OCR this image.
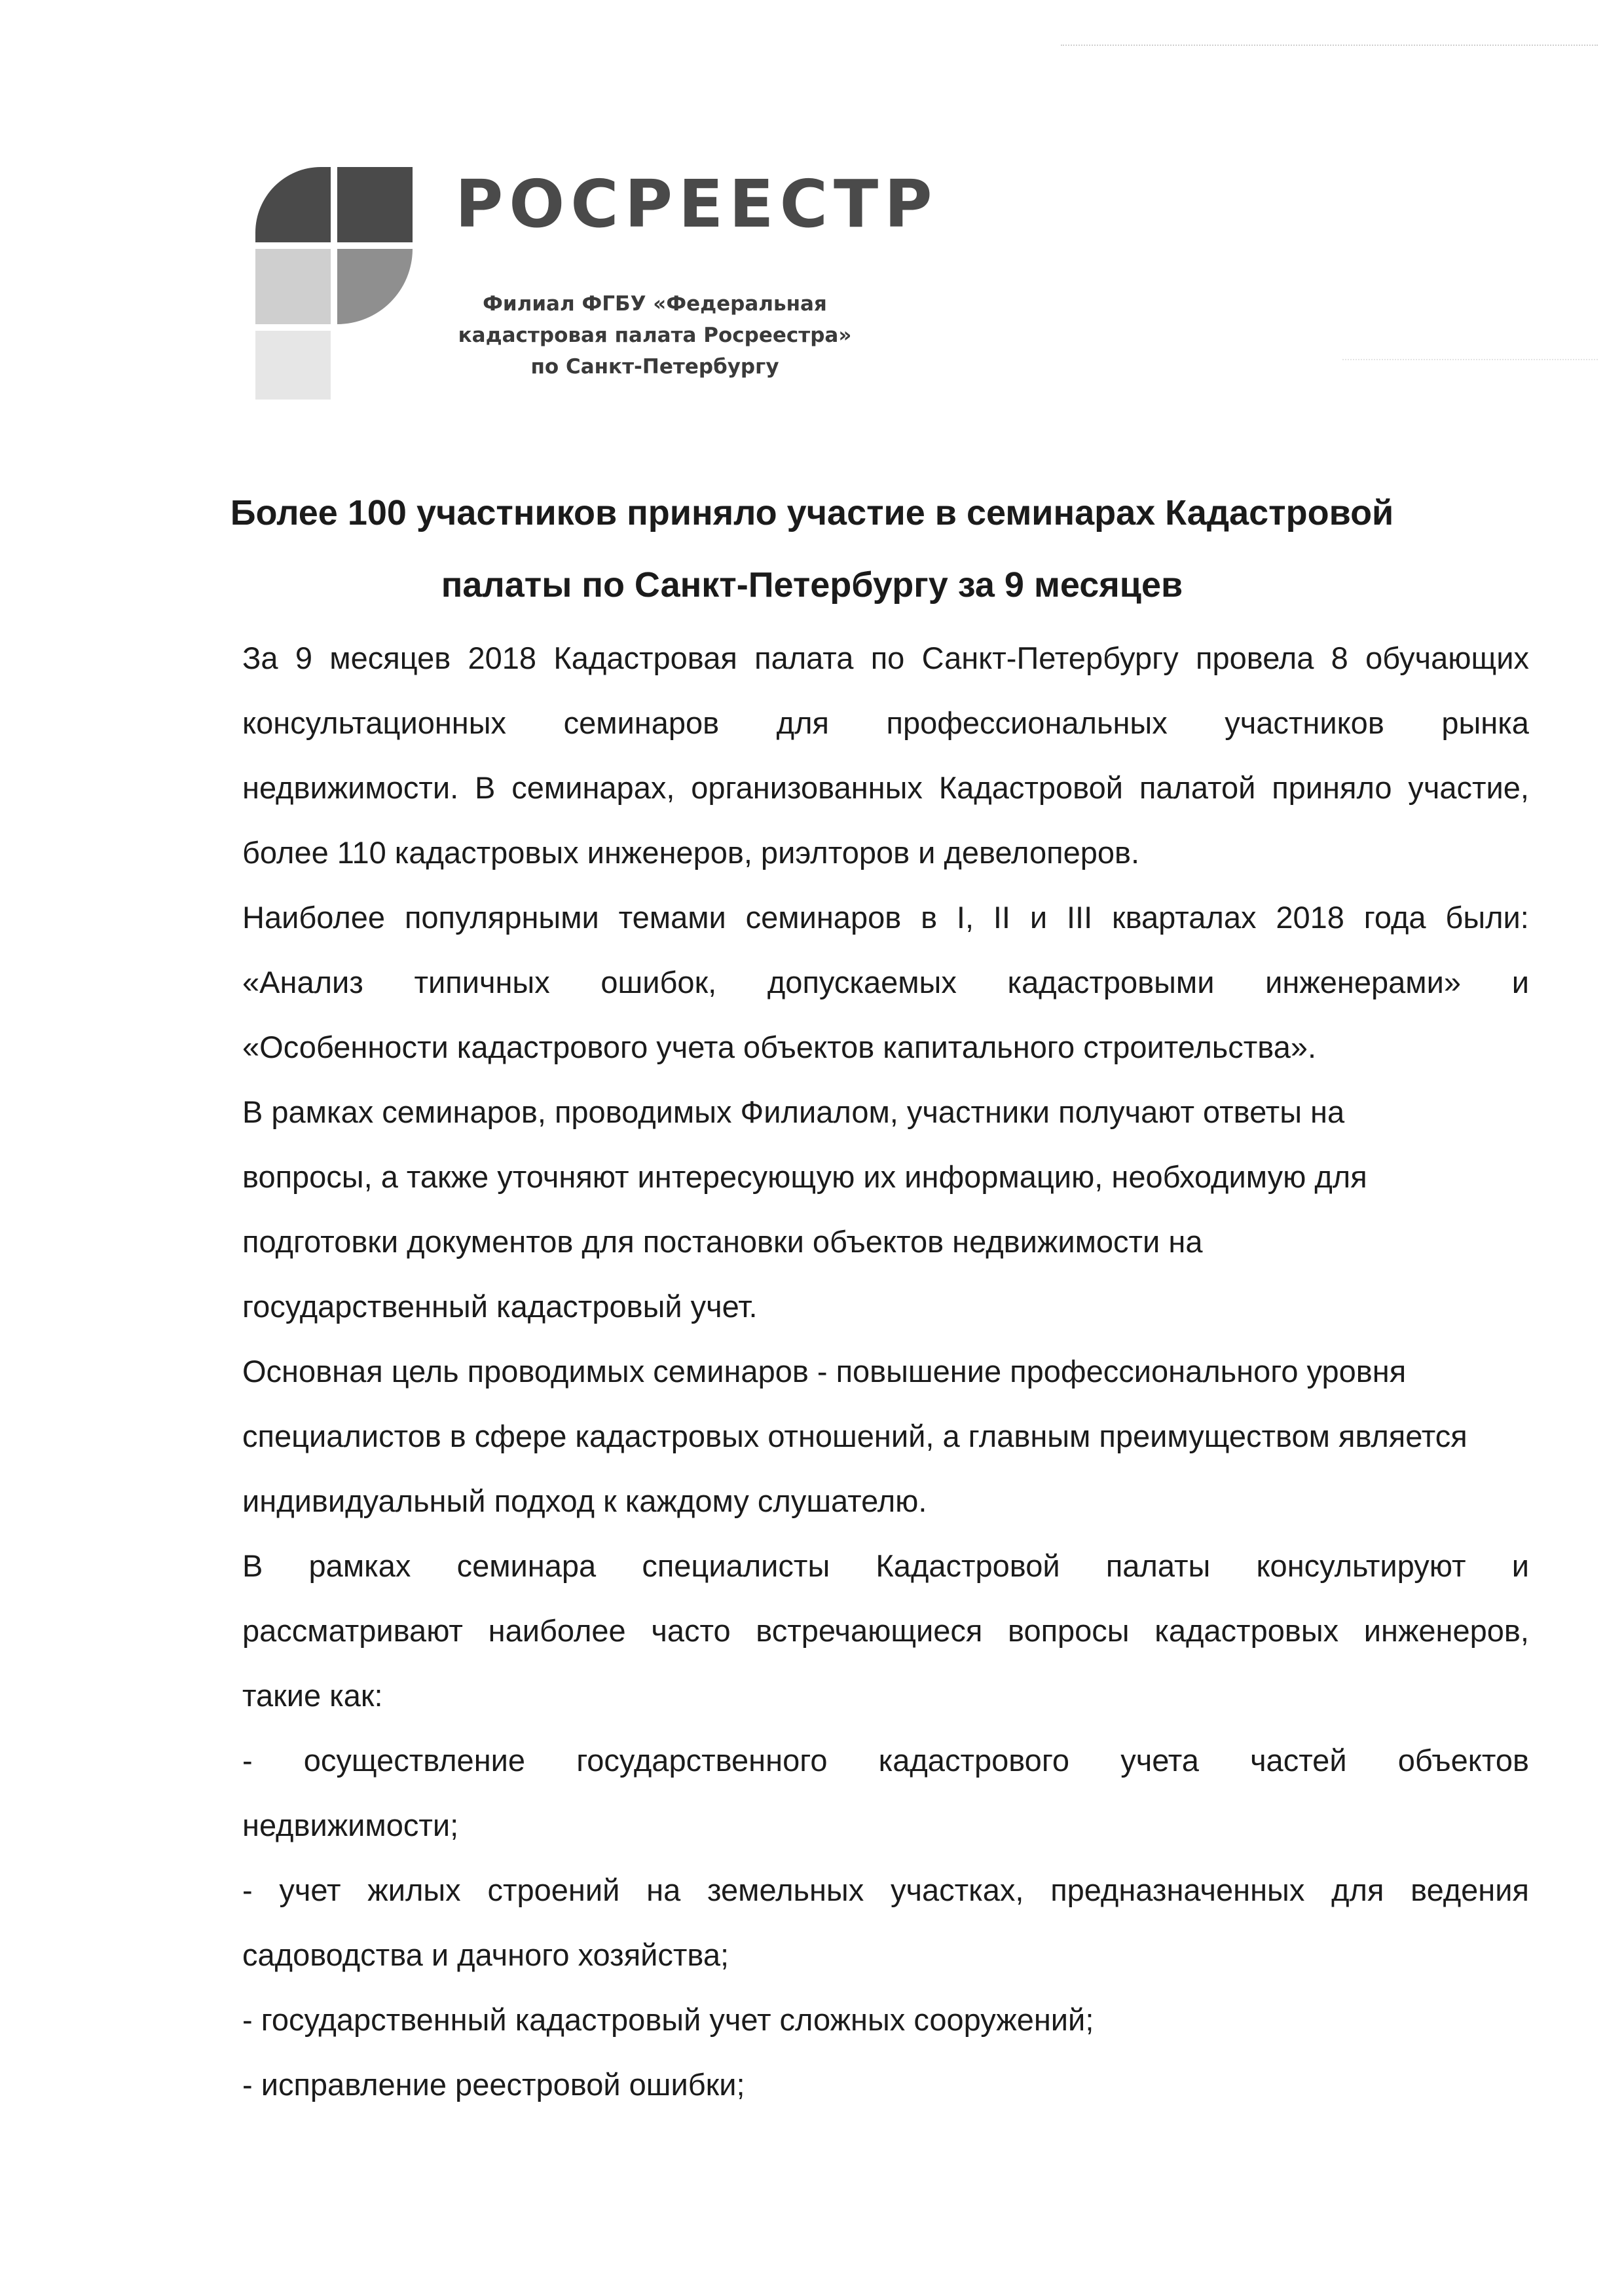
РОСРЕЕСТР
Филиал ФГБУ «Федеральная
кадастровая палата Росреестра»
по Санкт-Петербургу
Более 100 участников приняло участие в семинарах Кадастровой
палаты по Санкт-Петербургу за 9 месяцев
За 9 месяцев 2018 Кадастровая палата по Санкт-Петербургу провела 8 обучающих
консультационных семинаров для профессиональных участников рынка
недвижимости. В семинарах, организованных Кадастровой палатой приняло участие,
более 110 кадастровых инженеров, риэлторов и девелоперов.
Наиболее популярными темами семинаров в I, II и III кварталах 2018 года были:
«Анализ типичных ошибок, допускаемых кадастровыми инженерами» и
«Особенности кадастрового учета объектов капитального строительства».
В рамках семинаров, проводимых Филиалом, участники получают ответы на
вопросы, а также уточняют интересующую их информацию, необходимую для
подготовки документов для постановки объектов недвижимости на
государственный кадастровый учет.
Основная цель проводимых семинаров - повышение профессионального уровня
специалистов в сфере кадастровых отношений, а главным преимуществом является
индивидуальный подход к каждому слушателю.
В рамках семинара специалисты Кадастровой палаты консультируют и
рассматривают наиболее часто встречающиеся вопросы кадастровых инженеров,
такие как:
- осуществление государственного кадастрового учета частей объектов
недвижимости;
- учет жилых строений на земельных участках, предназначенных для ведения
садоводства и дачного хозяйства;
- государственный кадастровый учет сложных сооружений;
- исправление реестровой ошибки;
